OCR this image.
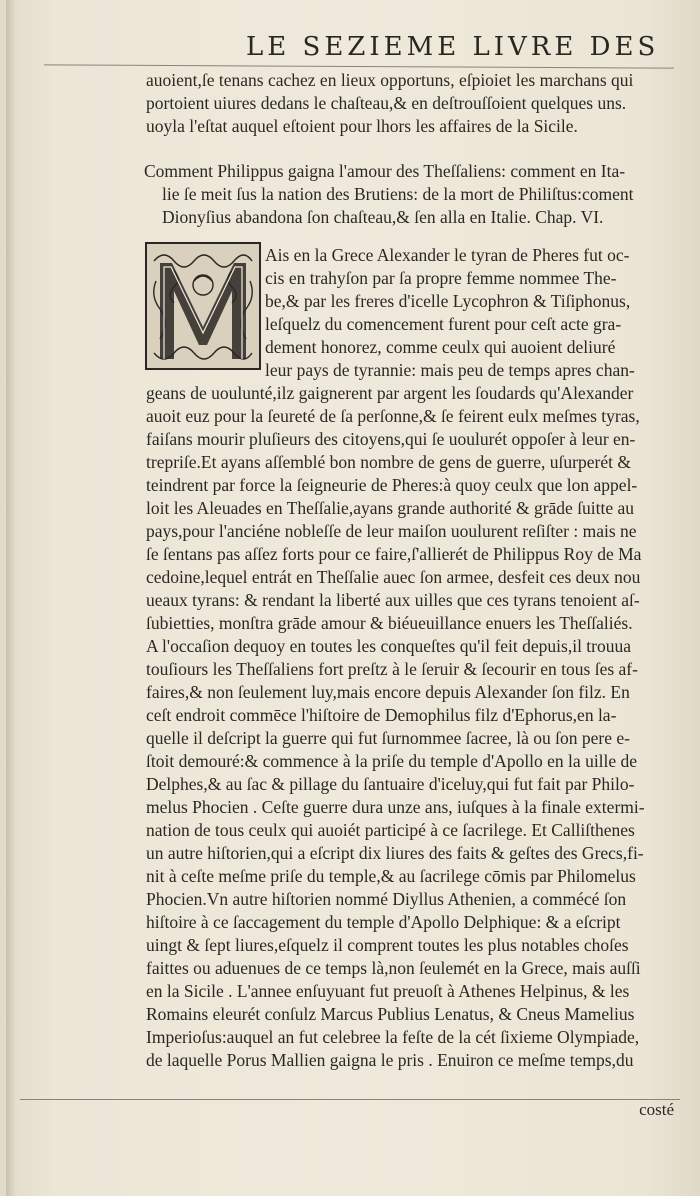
LE SEZIEME LIVRE DES
auoient,ſe tenans cachez en lieux opportuns, eſpioiet les marchans qui
portoient uiures dedans le chaſteau,& en deſtrouſſoient quelques uns.
uoyla l'eſtat auquel eſtoient pour lhors les affaires de la Sicile.
Comment Philippus gaigna l'amour des Theſſaliens: comment en Ita-
lie ſe meit ſus la nation des Brutiens: de la mort de Philiſtus:coment
Dionyſius abandona ſon chaſteau,& ſen alla en Italie. Chap. VI.
Ais en la Grece Alexander le tyran de Pheres fut oc-
cis en trahyſon par ſa propre femme nommee The-
be,& par les freres d'icelle Lycophron & Tiſiphonus,
leſquelz du comencement furent pour ceſt acte gra-
dement honorez, comme ceulx qui auoient deliuré
leur pays de tyrannie: mais peu de temps apres chan-
geans de uoulunté,ilz gaignerent par argent les ſoudards qu'Alexander
auoit euz pour la ſeureté de ſa perſonne,& ſe feirent eulx meſmes tyras,
faiſans mourir pluſieurs des citoyens,qui ſe uoulurét oppoſer à leur en-
trepriſe.Et ayans aſſemblé bon nombre de gens de guerre, uſurperét &
teindrent par force la ſeigneurie de Pheres:à quoy ceulx que lon appel-
loit les Aleuades en Theſſalie,ayans grande authorité & grāde ſuitte au
pays,pour l'anciéne nobleſſe de leur maiſon uoulurent reſiſter : mais ne
ſe ſentans pas aſſez forts pour ce faire,ſ'allierét de Philippus Roy de Ma
cedoine,lequel entrát en Theſſalie auec ſon armee, desfeit ces deux nou
ueaux tyrans: & rendant la liberté aux uilles que ces tyrans tenoient aſ-
ſubietties, monſtra grāde amour & biéueuillance enuers les Theſſaliés.
A l'occaſion dequoy en toutes les conqueſtes qu'il feit depuis,il trouua
touſiours les Theſſaliens fort preſtz à le ſeruir & ſecourir en tous ſes af-
faires,& non ſeulement luy,mais encore depuis Alexander ſon filz. En
ceſt endroit commēce l'hiſtoire de Demophilus filz d'Ephorus,en la-
quelle il deſcript la guerre qui fut ſurnommee ſacree, là ou ſon pere e-
ſtoit demouré:& commence à la priſe du temple d'Apollo en la uille de
Delphes,& au ſac & pillage du ſantuaire d'iceluy,qui fut fait par Philo-
melus Phocien . Ceſte guerre dura unze ans, iuſques à la finale extermi-
nation de tous ceulx qui auoiét participé à ce ſacrilege. Et Calliſthenes
un autre hiſtorien,qui a eſcript dix liures des faits & geſtes des Grecs,fi-
nit à ceſte meſme priſe du temple,& au ſacrilege cōmis par Philomelus
Phocien.Vn autre hiſtorien nommé Diyllus Athenien, a commécé ſon
hiſtoire à ce ſaccagement du temple d'Apollo Delphique: & a eſcript
uingt & ſept liures,eſquelz il comprent toutes les plus notables choſes
faittes ou aduenues de ce temps là,non ſeulemét en la Grece, mais auſſi
en la Sicile . L'annee enſuyuant fut preuoſt à Athenes Helpinus, & les
Romains eleurét conſulz Marcus Publius Lenatus, & Cneus Mamelius
Imperioſus:auquel an fut celebree la feſte de la cét ſixieme Olympiade,
de laquelle Porus Mallien gaigna le pris . Enuiron ce meſme temps,du
costé
